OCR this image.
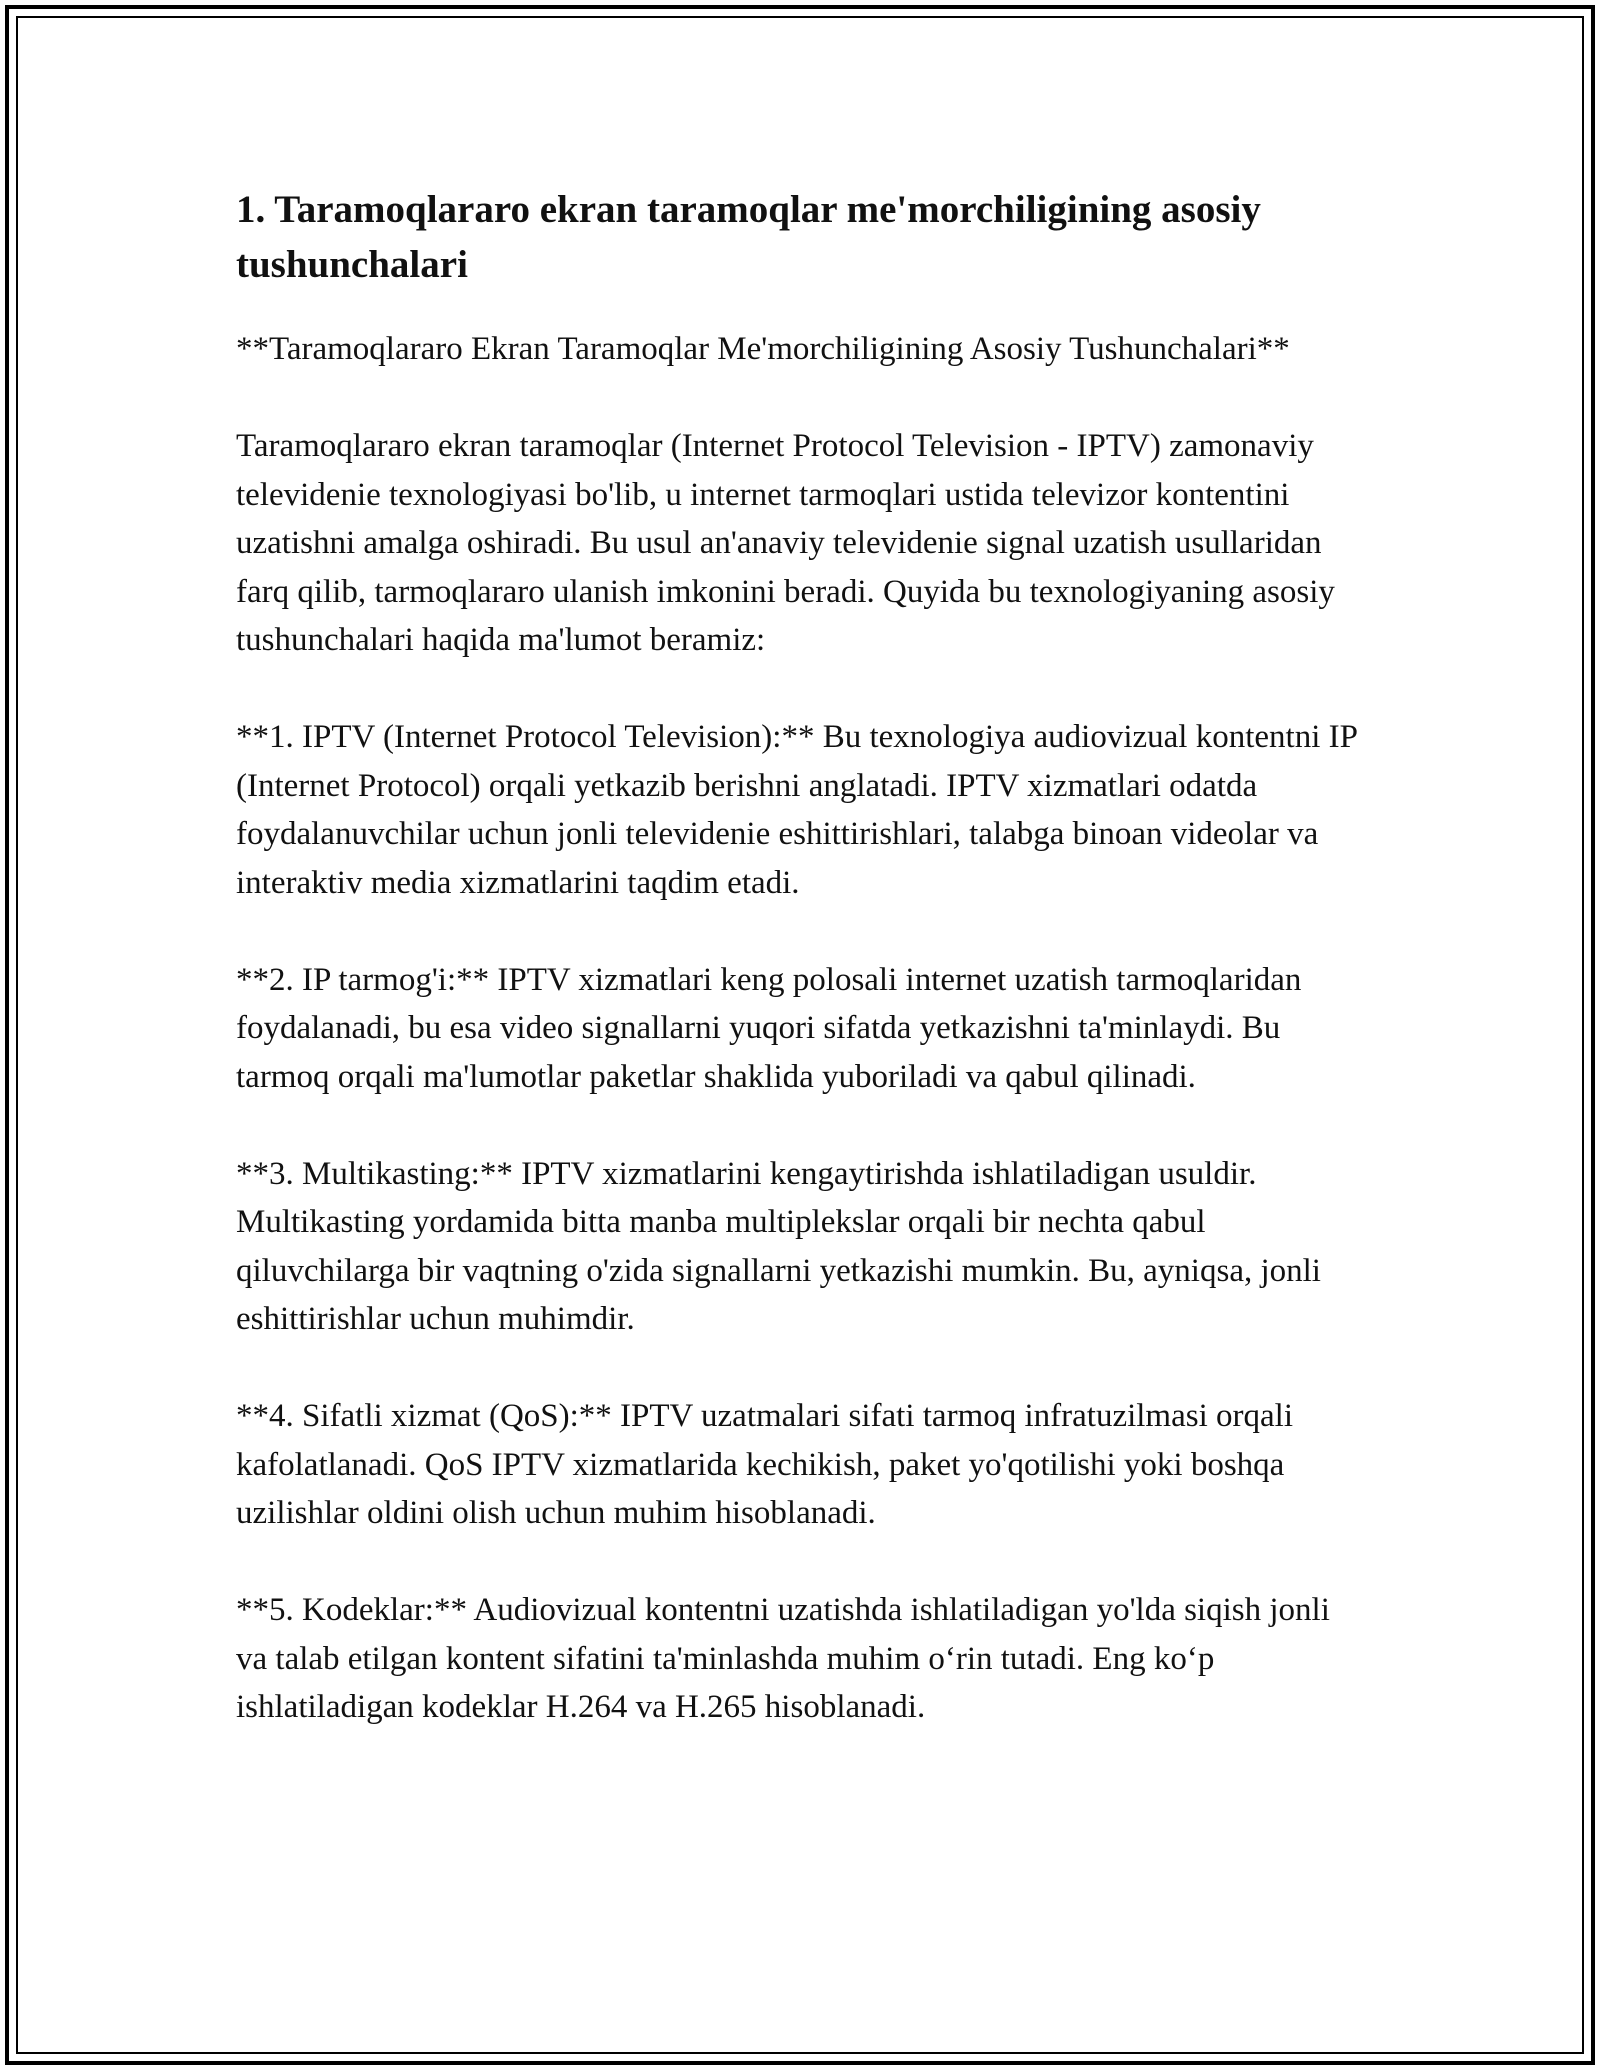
1. Taramoqlararo ekran taramoqlar me'morchiligining asosiy tushunchalari

**Taramoqlararo Ekran Taramoqlar Me'morchiligining Asosiy Tushunchalari**

Taramoqlararo ekran taramoqlar (Internet Protocol Television - IPTV) zamonaviy televidenie texnologiyasi bo'lib, u internet tarmoqlari ustida televizor kontentini uzatishni amalga oshiradi. Bu usul an'anaviy televidenie signal uzatish usullaridan farq qilib, tarmoqlararo ulanish imkonini beradi. Quyida bu texnologiyaning asosiy tushunchalari haqida ma'lumot beramiz:

**1. IPTV (Internet Protocol Television):** Bu texnologiya audiovizual kontentni IP (Internet Protocol) orqali yetkazib berishni anglatadi. IPTV xizmatlari odatda foydalanuvchilar uchun jonli televidenie eshittirishlari, talabga binoan videolar va interaktiv media xizmatlarini taqdim etadi.

**2. IP tarmog'i:** IPTV xizmatlari keng polosali internet uzatish tarmoqlaridan foydalanadi, bu esa video signallarni yuqori sifatda yetkazishni ta'minlaydi. Bu tarmoq orqali ma'lumotlar paketlar shaklida yuboriladi va qabul qilinadi.

**3. Multikasting:** IPTV xizmatlarini kengaytirishda ishlatiladigan usuldir. Multikasting yordamida bitta manba multiplekslar orqali bir nechta qabul qiluvchilarga bir vaqtning o'zida signallarni yetkazishi mumkin. Bu, ayniqsa, jonli eshittirishlar uchun muhimdir.

**4. Sifatli xizmat (QoS):** IPTV uzatmalari sifati tarmoq infratuzilmasi orqali kafolatlanadi. QoS IPTV xizmatlarida kechikish, paket yo'qotilishi yoki boshqa uzilishlar oldini olish uchun muhim hisoblanadi.

**5. Kodeklar:** Audiovizual kontentni uzatishda ishlatiladigan yo'lda siqish jonli va talab etilgan kontent sifatini ta'minlashda muhim o‘rin tutadi. Eng ko‘p ishlatiladigan kodeklar H.264 va H.265 hisoblanadi.
